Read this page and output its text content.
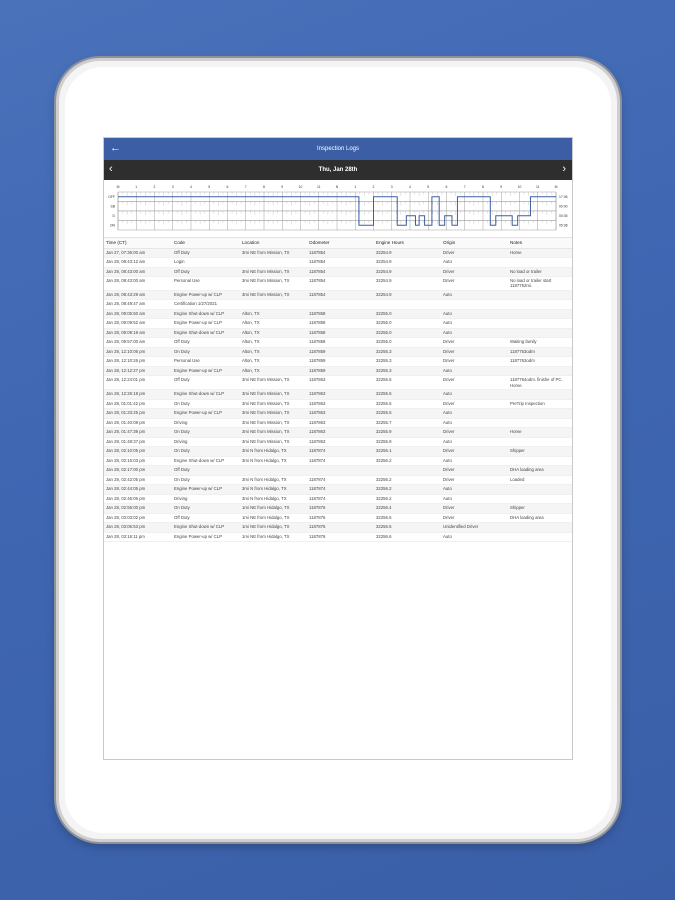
←	Inspection Logs
‹	Thu, Jan 28th	›
OFF	17:36
SB	00:00
D	00:35
ON	05:38
M	1	2	3	4	5	6	7	8	9	10	11	N	1	2	3	4	5	6	7	8	9	10	11	M
Time (CT)	Code	Location	Odometer	Engine Hours	Origin	Notes
Jan 27, 07:36:00 am	Off Duty	3mi NE from Mission, TX	1187854	32254.9	Driver	Home
Jan 28, 08:43:12 am	Login		1187854	32254.9	Auto	
Jan 28, 08:43:00 am	Off Duty	3mi NE from Mission, TX	1187854	32254.9	Driver	No load or trailer
Jan 28, 08:43:00 am	Personal Use	3mi NE from Mission, TX	1187854	32254.9	Driver	No load or trailer start 1187752mi.
Jan 28, 08:43:29 am	Engine Power-up w/ CLP	3mi NE from Mission, TX	1187854	32254.9	Auto	
Jan 28, 08:49:47 am	Certification 1/27/2021					
Jan 28, 09:05:50 am	Engine Shut-down w/ CLP	Alton, TX	1187858	32255.0	Auto	
Jan 28, 09:09:52 am	Engine Power-up w/ CLP	Alton, TX	1187858	32255.0	Auto	
Jan 28, 09:09:19 am	Engine Shut-down w/ CLP	Alton, TX	1187858	32255.0	Auto	
Jan 28, 09:57:00 am	Off Duty	Alton, TX	1187858	32255.0	Driver	Waiting family
Jan 28, 12:10:06 pm	On Duty	Alton, TX	1187859	32255.3	Driver	1187763odm
Jan 28, 12:10:26 pm	Personal Use	Alton, TX	1187859	32255.3	Driver	1187763odm
Jan 28, 12:12:27 pm	Engine Power-up w/ CLP	Alton, TX	1187859	32255.3	Auto	
Jan 28, 12:24:01 pm	Off Duty	3mi NE from Mission, TX	1187863	32255.5	Driver	1187764odm. finishe of PC. Home.
Jan 28, 12:26:18 pm	Engine Shut-down w/ CLP	3mi NE from Mission, TX	1187863	32255.5	Auto	
Jan 28, 01:01:42 pm	On Duty	3mi NE from Mission, TX	1187863	32255.5	Driver	PreTrip Inspection
Jan 28, 01:33:25 pm	Engine Power-up w/ CLP	3mi NE from Mission, TX	1187863	32255.5	Auto	
Jan 28, 01:40:08 pm	Driving	3mi NE from Mission, TX	1187863	32255.7	Auto	
Jan 28, 01:47:39 pm	On Duty	3mi NE from Mission, TX	1187863	32255.9	Driver	Home
Jan 28, 01:48:37 pm	Driving	3mi NE from Mission, TX	1187863	32255.9	Auto	
Jan 28, 02:10:05 pm	On Duty	3mi N from Hidalgo, TX	1187874	32256.1	Driver	Shipper
Jan 28, 02:15:03 pm	Engine Shut-down w/ CLP	3mi N from Hidalgo, TX	1187874	32256.2	Auto	
Jan 28, 02:17:00 pm	Off Duty				Driver	DHA loading area
Jan 28, 02:42:05 pm	On Duty	3mi N from Hidalgo, TX	1187874	32256.2	Driver	Loaded
Jan 28, 02:44:05 pm	Engine Power-up w/ CLP	3mi N from Hidalgo, TX	1187874	32256.2	Auto	
Jan 28, 02:46:06 pm	Driving	3mi N from Hidalgo, TX	1187874	32256.2	Auto	
Jan 28, 02:55:00 pm	On Duty	1mi NE from Hidalgo, TX	1187876	32256.4	Driver	Shipper
Jan 28, 03:03:02 pm	Off Duty	1mi NE from Hidalgo, TX	1187876	32256.5	Driver	DHA loading area
Jan 28, 03:06:53 pm	Engine Shut-down w/ CLP	1mi NE from Hidalgo, TX	1187876	32256.5	Unidentified Driver	
Jan 28, 03:16:11 pm	Engine Power-up w/ CLP	1mi NE from Hidalgo, TX	1187876	32256.6	Auto	
